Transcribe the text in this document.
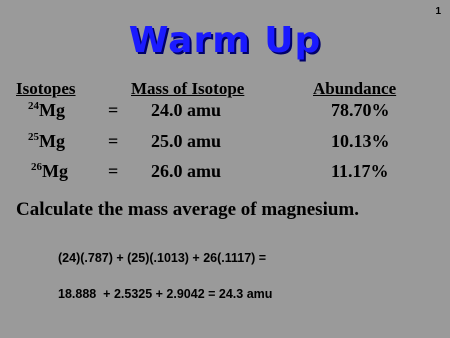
1
Warm Up
Isotopes	Mass of Isotope	Abundance
$^{24}$Mg = 24.0 amu	78.70%
$^{25}$Mg = 25.0 amu	10.13%
$^{26}$Mg = 26.0 amu	11.17%
Calculate the mass average of magnesium.
(24)(.787) + (25)(.1013) + 26(.1117) =
18.888  + 2.5325 + 2.9042 = 24.3 amu
